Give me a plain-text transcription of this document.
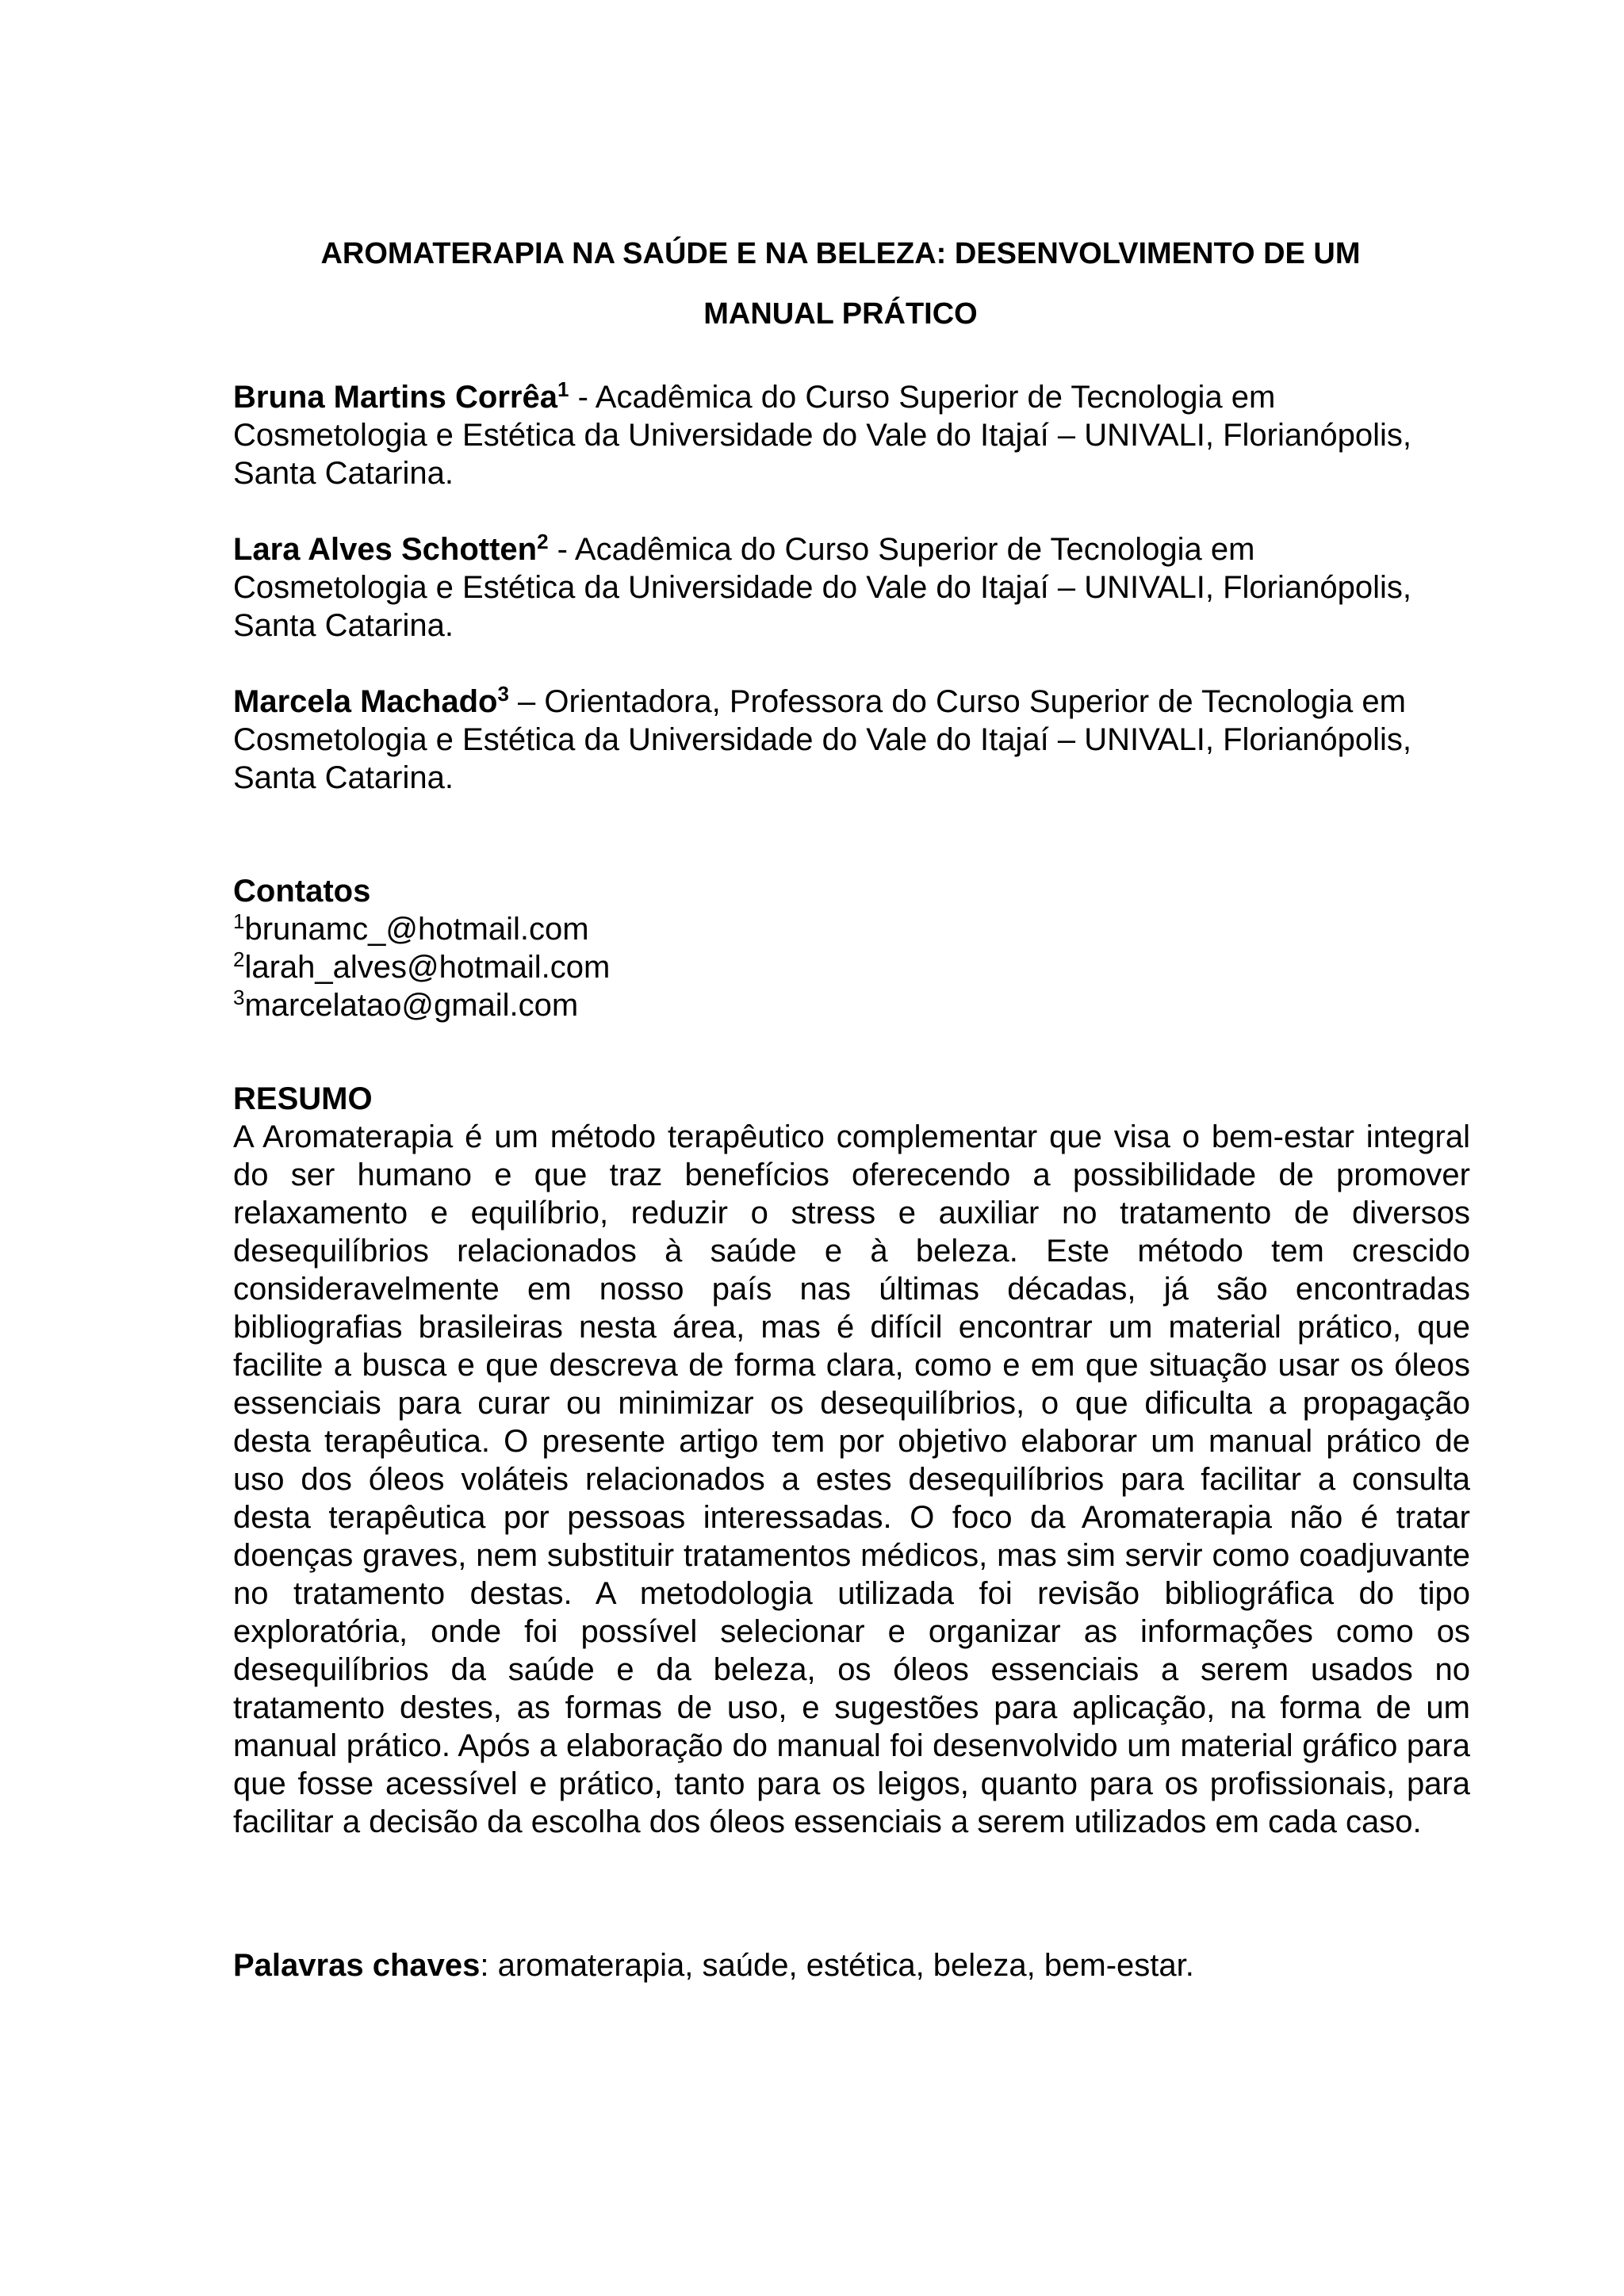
AROMATERAPIA NA SAÚDE E NA BELEZA: DESENVOLVIMENTO DE UM
MANUAL PRÁTICO

Bruna Martins Corrêa$^1$ - Acadêmica do Curso Superior de Tecnologia em

Cosmetologia e Estética da Universidade do Vale do Itajaí – UNIVALI, Florianópolis,

Santa Catarina.

Lara Alves Schotten$^2$ - Acadêmica do Curso Superior de Tecnologia em

Cosmetologia e Estética da Universidade do Vale do Itajaí – UNIVALI, Florianópolis,

Santa Catarina.

Marcela Machado$^3$ – Orientadora, Professora do Curso Superior de Tecnologia em

Cosmetologia e Estética da Universidade do Vale do Itajaí – UNIVALI, Florianópolis,

Santa Catarina.

Contatos

$^1$brunamc_@hotmail.com
$^2$larah_alves@hotmail.com
$^3$marcelatao@gmail.com

RESUMO

A Aromaterapia é um método terapêutico complementar que visa o bem-estar integral do ser humano e que traz benefícios oferecendo a possibilidade de promover relaxamento e equilíbrio, reduzir o stress e auxiliar no tratamento de diversos desequilíbrios relacionados à saúde e à beleza. Este método tem crescido consideravelmente em nosso país nas últimas décadas, já são encontradas bibliografias brasileiras nesta área, mas é difícil encontrar um material prático, que facilite a busca e que descreva de forma clara, como e em que situação usar os óleos essenciais para curar ou minimizar os desequilíbrios, o que dificulta a propagação desta terapêutica. O presente artigo tem por objetivo elaborar um manual prático de uso dos óleos voláteis relacionados a estes desequilíbrios para facilitar a consulta desta terapêutica por pessoas interessadas. O foco da Aromaterapia não é tratar doenças graves, nem substituir tratamentos médicos, mas sim servir como coadjuvante no tratamento destas. A metodologia utilizada foi revisão bibliográfica do tipo exploratória, onde foi possível selecionar e organizar as informações como os desequilíbrios da saúde e da beleza, os óleos essenciais a serem usados no tratamento destes, as formas de uso, e sugestões para aplicação, na forma de um manual prático. Após a elaboração do manual foi desenvolvido um material gráfico para que fosse acessível e prático, tanto para os leigos, quanto para os profissionais, para facilitar a decisão da escolha dos óleos essenciais a serem utilizados em cada caso.

Palavras chaves: aromaterapia, saúde, estética, beleza, bem-estar.
